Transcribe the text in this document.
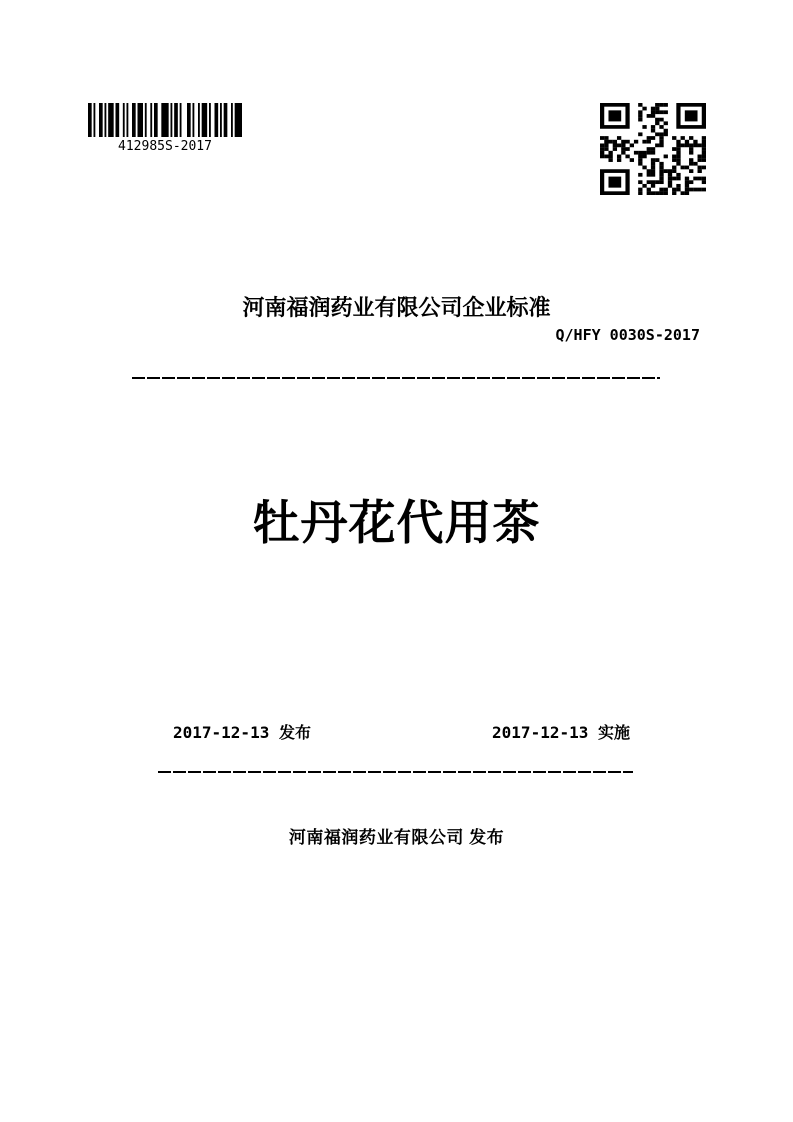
412985S-2017
河南福润药业有限公司企业标准
Q/HFY 0030S-2017
牡丹花代用茶
2017-12-13 发布	2017-12-13 实施
河南福润药业有限公司 发布
